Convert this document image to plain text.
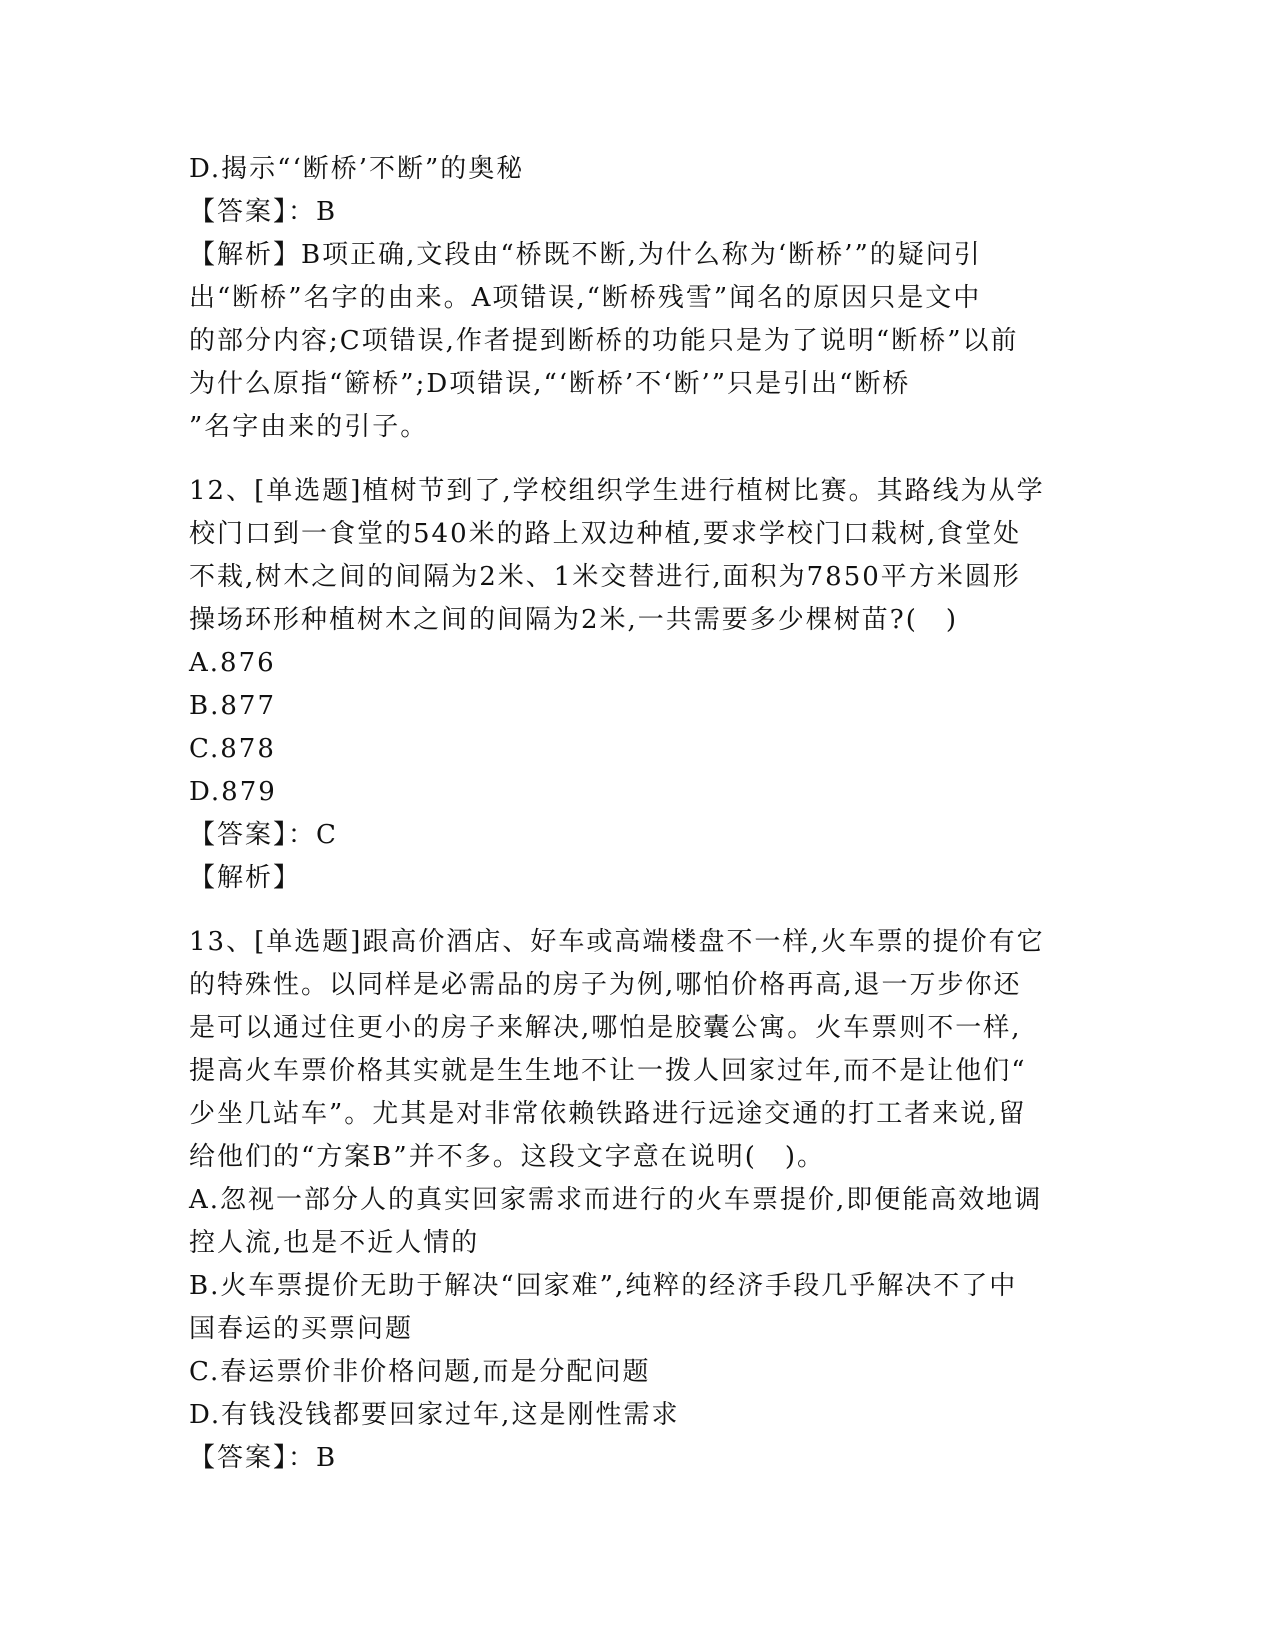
D.揭示“‘断桥’不断”的奥秘
【答案】：B
【解析】B项正确,文段由“桥既不断,为什么称为‘断桥’”的疑问引
出“断桥”名字的由来。A项错误,“断桥残雪”闻名的原因只是文中
的部分内容;C项错误,作者提到断桥的功能只是为了说明“断桥”以前
为什么原指“簖桥”;D项错误,“‘断桥’不‘断’”只是引出“断桥
”名字由来的引子。
12、[单选题]植树节到了,学校组织学生进行植树比赛。其路线为从学
校门口到一食堂的540米的路上双边种植,要求学校门口栽树,食堂处
不栽,树木之间的间隔为2米、1米交替进行,面积为7850平方米圆形
操场环形种植树木之间的间隔为2米,一共需要多少棵树苗?(　)
A.876
B.877
C.878
D.879
【答案】：C
【解析】
13、[单选题]跟高价酒店、好车或高端楼盘不一样,火车票的提价有它
的特殊性。以同样是必需品的房子为例,哪怕价格再高,退一万步你还
是可以通过住更小的房子来解决,哪怕是胶囊公寓。火车票则不一样,
提高火车票价格其实就是生生地不让一拨人回家过年,而不是让他们“
少坐几站车”。尤其是对非常依赖铁路进行远途交通的打工者来说,留
给他们的“方案B”并不多。这段文字意在说明(　)。
A.忽视一部分人的真实回家需求而进行的火车票提价,即便能高效地调
控人流,也是不近人情的
B.火车票提价无助于解决“回家难”,纯粹的经济手段几乎解决不了中
国春运的买票问题
C.春运票价非价格问题,而是分配问题
D.有钱没钱都要回家过年,这是刚性需求
【答案】：B
